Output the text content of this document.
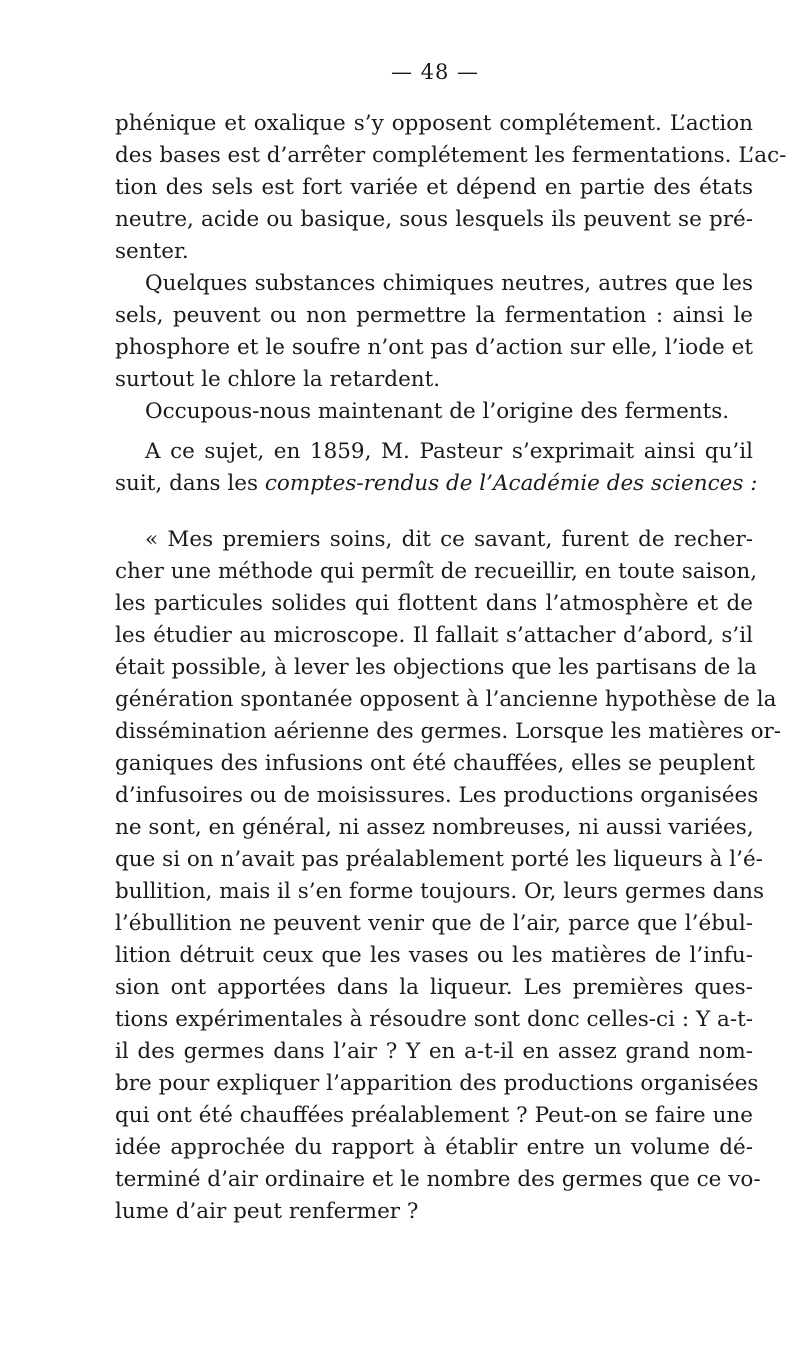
— 48 —
phénique et oxalique s’y opposent complétement. L’action
des bases est d’arrêter complétement les fermentations. L’ac-
tion des sels est fort variée et dépend en partie des états
neutre, acide ou basique, sous lesquels ils peuvent se pré-
senter.
Quelques substances chimiques neutres, autres que les
sels, peuvent ou non permettre la fermentation : ainsi le
phosphore et le soufre n’ont pas d’action sur elle, l’iode et
surtout le chlore la retardent.
Occupous-nous maintenant de l’origine des ferments.
A ce sujet, en 1859, M. Pasteur s’exprimait ainsi qu’il
suit, dans les comptes-rendus de l’Académie des sciences :
« Mes premiers soins, dit ce savant, furent de recher-
cher une méthode qui permît de recueillir, en toute saison,
les particules solides qui flottent dans l’atmosphère et de
les étudier au microscope. Il fallait s’attacher d’abord, s’il
était possible, à lever les objections que les partisans de la
génération spontanée opposent à l’ancienne hypothèse de la
dissémination aérienne des germes. Lorsque les matières or-
ganiques des infusions ont été chauffées, elles se peuplent
d’infusoires ou de moisissures. Les productions organisées
ne sont, en général, ni assez nombreuses, ni aussi variées,
que si on n’avait pas préalablement porté les liqueurs à l’é-
bullition, mais il s’en forme toujours. Or, leurs germes dans
l’ébullition ne peuvent venir que de l’air, parce que l’ébul-
lition détruit ceux que les vases ou les matières de l’infu-
sion ont apportées dans la liqueur. Les premières ques-
tions expérimentales à résoudre sont donc celles-ci : Y a-t-
il des germes dans l’air ? Y en a-t-il en assez grand nom-
bre pour expliquer l’apparition des productions organisées
qui ont été chauffées préalablement ? Peut-on se faire une
idée approchée du rapport à établir entre un volume dé-
terminé d’air ordinaire et le nombre des germes que ce vo-
lume d’air peut renfermer ?
